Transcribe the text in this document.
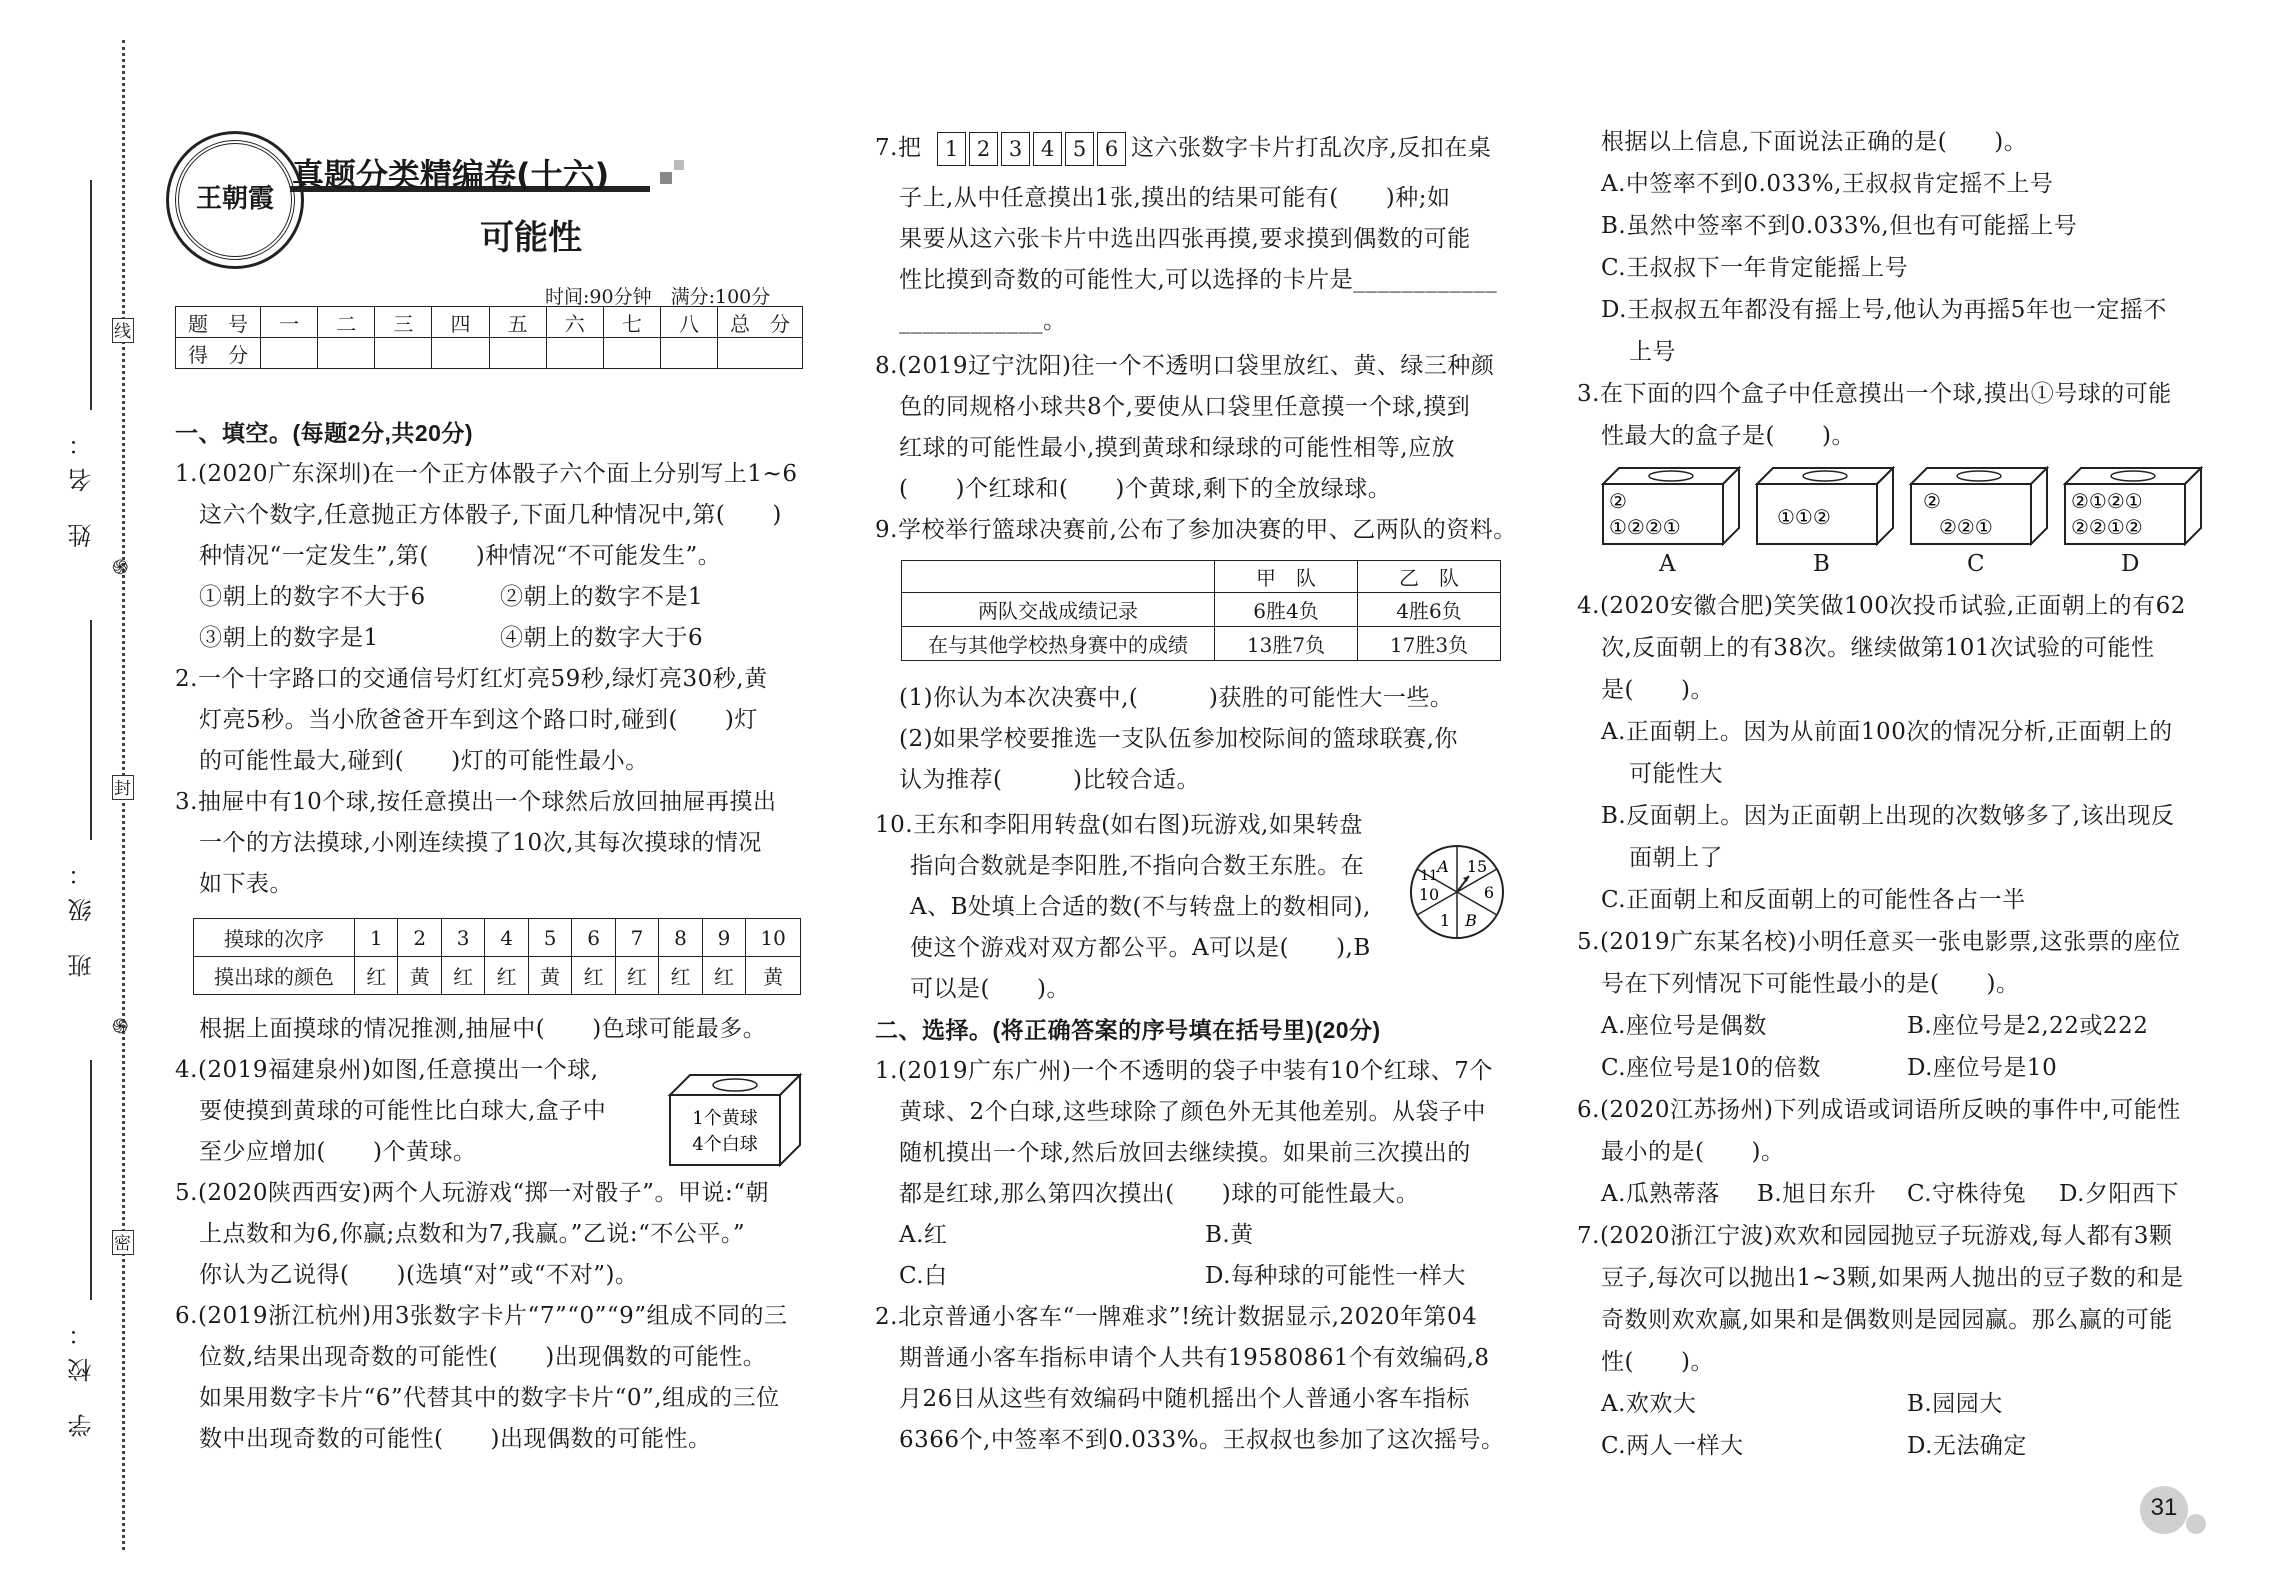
姓 名：
班 级：
学 校：
线
封
密
֍
֍
王朝霞
真题分类精编卷(十六)
可能性
时间:90分钟　满分:100分
题　号	一	二	三	四	五	六	七	八	总　分
得　分									
一、填空。(每题2分,共20分)
1.(2020广东深圳)在一个正方体骰子六个面上分别写上1~6
这六个数字,任意抛正方体骰子,下面几种情况中,第(　　)
种情况“一定发生”,第(　　)种情况“不可能发生”。
①朝上的数字不大于6	②朝上的数字不是1
③朝上的数字是1	④朝上的数字大于6
2.一个十字路口的交通信号灯红灯亮59秒,绿灯亮30秒,黄
灯亮5秒。当小欣爸爸开车到这个路口时,碰到(　　)灯
的可能性最大,碰到(　　)灯的可能性最小。
3.抽屉中有10个球,按任意摸出一个球然后放回抽屉再摸出
一个的方法摸球,小刚连续摸了10次,其每次摸球的情况
如下表。
摸球的次序	1	2	3	4	5	6	7	8	9	10
摸出球的颜色	红	黄	红	红	黄	红	红	红	红	黄
根据上面摸球的情况推测,抽屉中(　　)色球可能最多。
4.(2019福建泉州)如图,任意摸出一个球,
要使摸到黄球的可能性比白球大,盒子中
至少应增加(　　)个黄球。
1个黄球
4个白球
5.(2020陕西西安)两个人玩游戏“掷一对骰子”。甲说:“朝
上点数和为6,你赢;点数和为7,我赢。”乙说:“不公平。”
你认为乙说得(　　)(选填“对”或“不对”)。
6.(2019浙江杭州)用3张数字卡片“7”“0”“9”组成不同的三
位数,结果出现奇数的可能性(　　)出现偶数的可能性。
如果用数字卡片“6”代替其中的数字卡片“0”,组成的三位
数中出现奇数的可能性(　　)出现偶数的可能性。
7.把	1 2 3 4 5 6 这六张数字卡片打乱次序,反扣在桌
子上,从中任意摸出1张,摸出的结果可能有(　　)种;如
果要从这六张卡片中选出四张再摸,要求摸到偶数的可能
性比摸到奇数的可能性大,可以选择的卡片是____________
____________。
8.(2019辽宁沈阳)往一个不透明口袋里放红、黄、绿三种颜
色的同规格小球共8个,要使从口袋里任意摸一个球,摸到
红球的可能性最小,摸到黄球和绿球的可能性相等,应放
(　　)个红球和(　　)个黄球,剩下的全放绿球。
9.学校举行篮球决赛前,公布了参加决赛的甲、乙两队的资料。
	甲　队	乙　队
两队交战成绩记录	6胜4负	4胜6负
在与其他学校热身赛中的成绩	13胜7负	17胜3负
(1)你认为本次决赛中,(　　　)获胜的可能性大一些。
(2)如果学校要推选一支队伍参加校际间的篮球联赛,你
认为推荐(　　　)比较合适。
10.王东和李阳用转盘(如右图)玩游戏,如果转盘
指向合数就是李阳胜,不指向合数王东胜。在
A、B处填上合适的数(不与转盘上的数相同),
使这个游戏对双方都公平。A可以是(　　),B
可以是(　　)。
A 15
6
B
1
10
11
二、选择。(将正确答案的序号填在括号里)(20分)
1.(2019广东广州)一个不透明的袋子中装有10个红球、7个
黄球、2个白球,这些球除了颜色外无其他差别。从袋子中
随机摸出一个球,然后放回去继续摸。如果前三次摸出的
都是红球,那么第四次摸出(　　)球的可能性最大。
A.红	B.黄
C.白	D.每种球的可能性一样大
2.北京普通小客车“一牌难求”!统计数据显示,2020年第04
期普通小客车指标申请个人共有19580861个有效编码,8
月26日从这些有效编码中随机摇出个人普通小客车指标
6366个,中签率不到0.033%。王叔叔也参加了这次摇号。
根据以上信息,下面说法正确的是(　　)。
A.中签率不到0.033%,王叔叔肯定摇不上号
B.虽然中签率不到0.033%,但也有可能摇上号
C.王叔叔下一年肯定能摇上号
D.王叔叔五年都没有摇上号,他认为再摇5年也一定摇不
上号
3.在下面的四个盒子中任意摸出一个球,摸出①号球的可能
性最大的盒子是(　　)。
②
①②②①
A
①①②
B
②
②②①
C
②①②①
②②①②
D
4.(2020安徽合肥)笑笑做100次投币试验,正面朝上的有62
次,反面朝上的有38次。继续做第101次试验的可能性
是(　　)。
A.正面朝上。因为从前面100次的情况分析,正面朝上的
可能性大
B.反面朝上。因为正面朝上出现的次数够多了,该出现反
面朝上了
C.正面朝上和反面朝上的可能性各占一半
5.(2019广东某名校)小明任意买一张电影票,这张票的座位
号在下列情况下可能性最小的是(　　)。
A.座位号是偶数	B.座位号是2,22或222
C.座位号是10的倍数	D.座位号是10
6.(2020江苏扬州)下列成语或词语所反映的事件中,可能性
最小的是(　　)。
A.瓜熟蒂落 B.旭日东升 C.守株待兔 D.夕阳西下
7.(2020浙江宁波)欢欢和园园抛豆子玩游戏,每人都有3颗
豆子,每次可以抛出1~3颗,如果两人抛出的豆子数的和是
奇数则欢欢赢,如果和是偶数则是园园赢。那么赢的可能
性(　　)。
A.欢欢大	B.园园大
C.两人一样大	D.无法确定
31
